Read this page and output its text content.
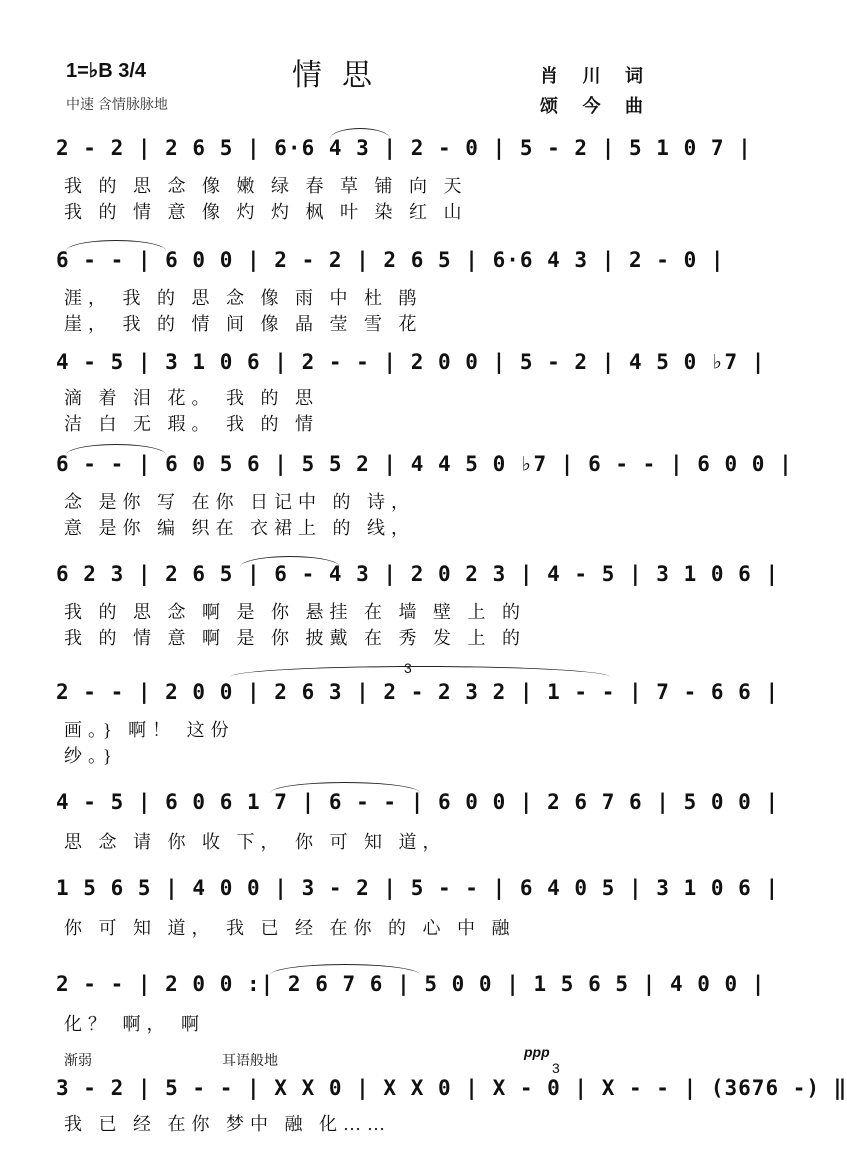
1=♭B 3/4	情思	肖 川 词
颂 今 曲
中速 含情脉脉地
2 - 2 | 2 6 5 | 6·6 4 3 | 2 - 0 | 5 - 2 | 5 1 0 7 |
我 的 思 念 像 嫩 绿 春 草 铺 向 天
我 的 情 意 像 灼 灼 枫 叶 染 红 山
6 - - | 6 0 0 | 2 - 2 | 2 6 5 | 6·6 4 3 | 2 - 0 |
涯， 我 的 思 念 像 雨 中 杜 鹃
崖， 我 的 情 间 像 晶 莹 雪 花
4 - 5 | 3 1 0 6 | 2 - - | 2 0 0 | 5 - 2 | 4 5 0 ♭7 |
滴 着 泪 花。 我 的 思
洁 白 无 瑕。 我 的 情
6 - - | 6 0 5 6 | 5 5 2 | 4 4 5 0 ♭7 | 6 - - | 6 0 0 |
念 是你 写 在你 日记中 的 诗，
意 是你 编 织在 衣裙上 的 线，
6 2 3 | 2 6 5 | 6 - 4 3 | 2 0 2 3 | 4 - 5 | 3 1 0 6 |
我 的 思 念 啊 是 你 悬挂 在 墙 壁 上 的
我 的 情 意 啊 是 你 披戴 在 秀 发 上 的
3
2 - - | 2 0 0 | 2 6 3 | 2 - 2 3 2 | 1 - - | 7 - 6 6 |
画。} 啊！ 这份
纱。}
4 - 5 | 6 0 6 1 7 | 6 - - | 6 0 0 | 2 6 7 6 | 5 0 0 |
思 念 请 你 收 下， 你 可 知 道，
1 5 6 5 | 4 0 0 | 3 - 2 | 5 - - | 6 4 0 5 | 3 1 0 6 |
你 可 知 道， 我 已 经 在你 的 心 中 融
2 - - | 2 0 0 :| 2 6 7 6 | 5 0 0 | 1 5 6 5 | 4 0 0 |
化？ 啊， 啊
渐弱	耳语般地	ppp
3
3 - 2 | 5 - - | X X 0 | X X 0 | X - 0 | X - - | (3676 -) ‖
我 已 经 在你 梦中 融 化……
